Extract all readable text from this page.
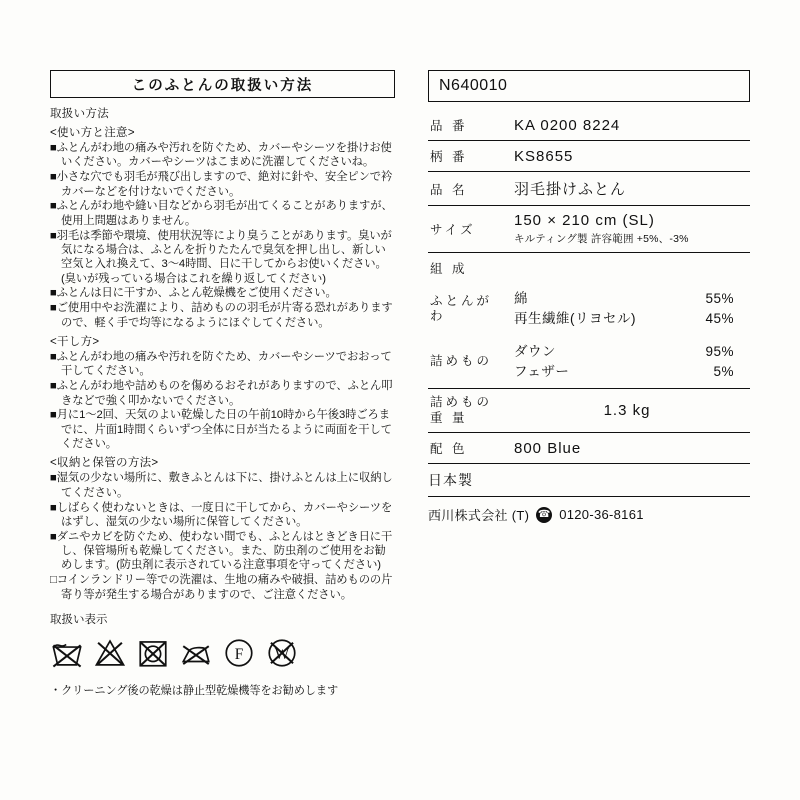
このふとんの取扱い方法
取扱い方法
<使い方と注意>
■ふとんがわ地の痛みや汚れを防ぐため、カバーやシーツを掛けお使いください。カバーやシーツはこまめに洗濯してくださいね。
■小さな穴でも羽毛が飛び出しますので、絶対に針や、安全ピンで衿カバーなどを付けないでください。
■ふとんがわ地や縫い目などから羽毛が出てくることがありますが、使用上問題はありません。
■羽毛は季節や環境、使用状況等により臭うことがあります。臭いが気になる場合は、ふとんを折りたたんで臭気を押し出し、新しい空気と入れ換えて、3～4時間、日に干してからお使いください。(臭いが残っている場合はこれを繰り返してください)
■ふとんは日に干すか、ふとん乾燥機をご使用ください。
■ご使用中やお洗濯により、詰めものの羽毛が片寄る恐れがありますので、軽く手で均等になるようにほぐしてください。
<干し方>
■ふとんがわ地の痛みや汚れを防ぐため、カバーやシーツでおおって干してください。
■ふとんがわ地や詰めものを傷めるおそれがありますので、ふとん叩きなどで強く叩かないでください。
■月に1～2回、天気のよい乾燥した日の午前10時から午後3時ごろまでに、片面1時間くらいずつ全体に日が当たるように両面を干してください。
<収納と保管の方法>
■湿気の少ない場所に、敷きふとんは下に、掛けふとんは上に収納してください。
■しばらく使わないときは、一度日に干してから、カバーやシーツをはずし、湿気の少ない場所に保管してください。
■ダニやカビを防ぐため、使わない間でも、ふとんはときどき日に干し、保管場所も乾燥してください。また、防虫剤のご使用をお勧めします。(防虫剤に表示されている注意事項を守ってください)
□コインランドリー等での洗濯は、生地の痛みや破損、詰めものの片寄り等が発生する場合がありますので、ご注意ください。
取扱い表示
F W
・クリーニング後の乾燥は静止型乾燥機等をお勧めします
N640010
品 番	KA 0200 8224
柄 番	KS8655
品 名	羽毛掛けふとん
サイズ	150 × 210 cm (SL)
キルティング製 許容範囲 +5%、-3%

組 成	
ふとんがわ	綿 55%
再生繊維(リヨセル) 45%

詰めもの	ダウン 95%
フェザー 5%

詰めもの
重 量	1.3 kg
配 色	800 Blue
日本製	
西川株式会社 (T) ☎ 0120-36-8161
